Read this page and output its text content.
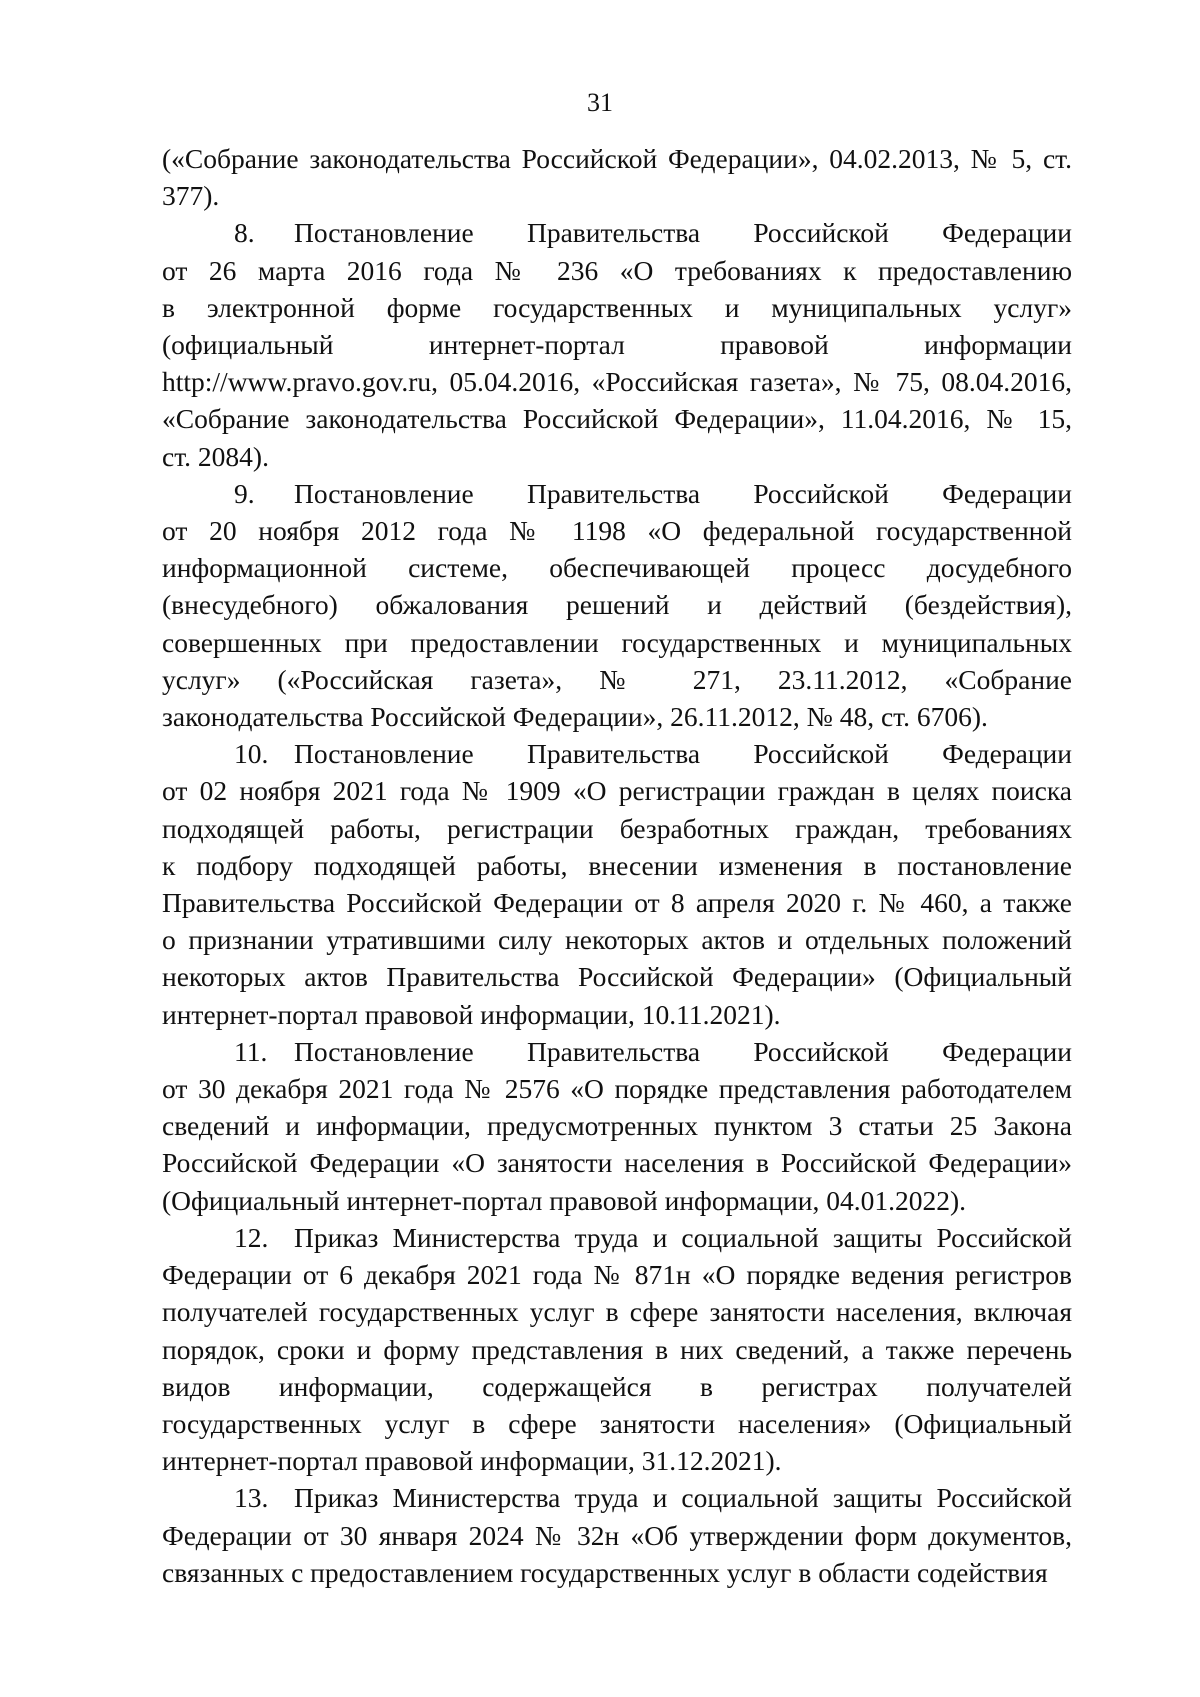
31
(«Собрание законодательства Российской Федерации», 04.02.2013, № 5, ст.
377).
8. Постановление Правительства Российской Федерации
от 26 марта 2016 года № 236 «О требованиях к предоставлению
в электронной форме государственных и муниципальных услуг»
(официальный интернет-портал правовой информации
http://www.pravo.gov.ru, 05.04.2016, «Российская газета», № 75, 08.04.2016,
«Собрание законодательства Российской Федерации», 11.04.2016, № 15,
ст. 2084).
9. Постановление Правительства Российской Федерации
от 20 ноября 2012 года № 1198 «О федеральной государственной
информационной системе, обеспечивающей процесс досудебного
(внесудебного) обжалования решений и действий (бездействия),
совершенных при предоставлении государственных и муниципальных
услуг» («Российская газета», № 271, 23.11.2012, «Собрание
законодательства Российской Федерации», 26.11.2012, № 48, ст. 6706).
10. Постановление Правительства Российской Федерации
от 02 ноября 2021 года № 1909 «О регистрации граждан в целях поиска
подходящей работы, регистрации безработных граждан, требованиях
к подбору подходящей работы, внесении изменения в постановление
Правительства Российской Федерации от 8 апреля 2020 г. № 460, а также
о признании утратившими силу некоторых актов и отдельных положений
некоторых актов Правительства Российской Федерации» (Официальный
интернет-портал правовой информации, 10.11.2021).
11. Постановление Правительства Российской Федерации
от 30 декабря 2021 года № 2576 «О порядке представления работодателем
сведений и информации, предусмотренных пунктом 3 статьи 25 Закона
Российской Федерации «О занятости населения в Российской Федерации»
(Официальный интернет-портал правовой информации, 04.01.2022).
12. Приказ Министерства труда и социальной защиты Российской
Федерации от 6 декабря 2021 года № 871н «О порядке ведения регистров
получателей государственных услуг в сфере занятости населения, включая
порядок, сроки и форму представления в них сведений, а также перечень
видов информации, содержащейся в регистрах получателей
государственных услуг в сфере занятости населения» (Официальный
интернет-портал правовой информации, 31.12.2021).
13. Приказ Министерства труда и социальной защиты Российской
Федерации от 30 января 2024 № 32н «Об утверждении форм документов,
связанных с предоставлением государственных услуг в области содействия
